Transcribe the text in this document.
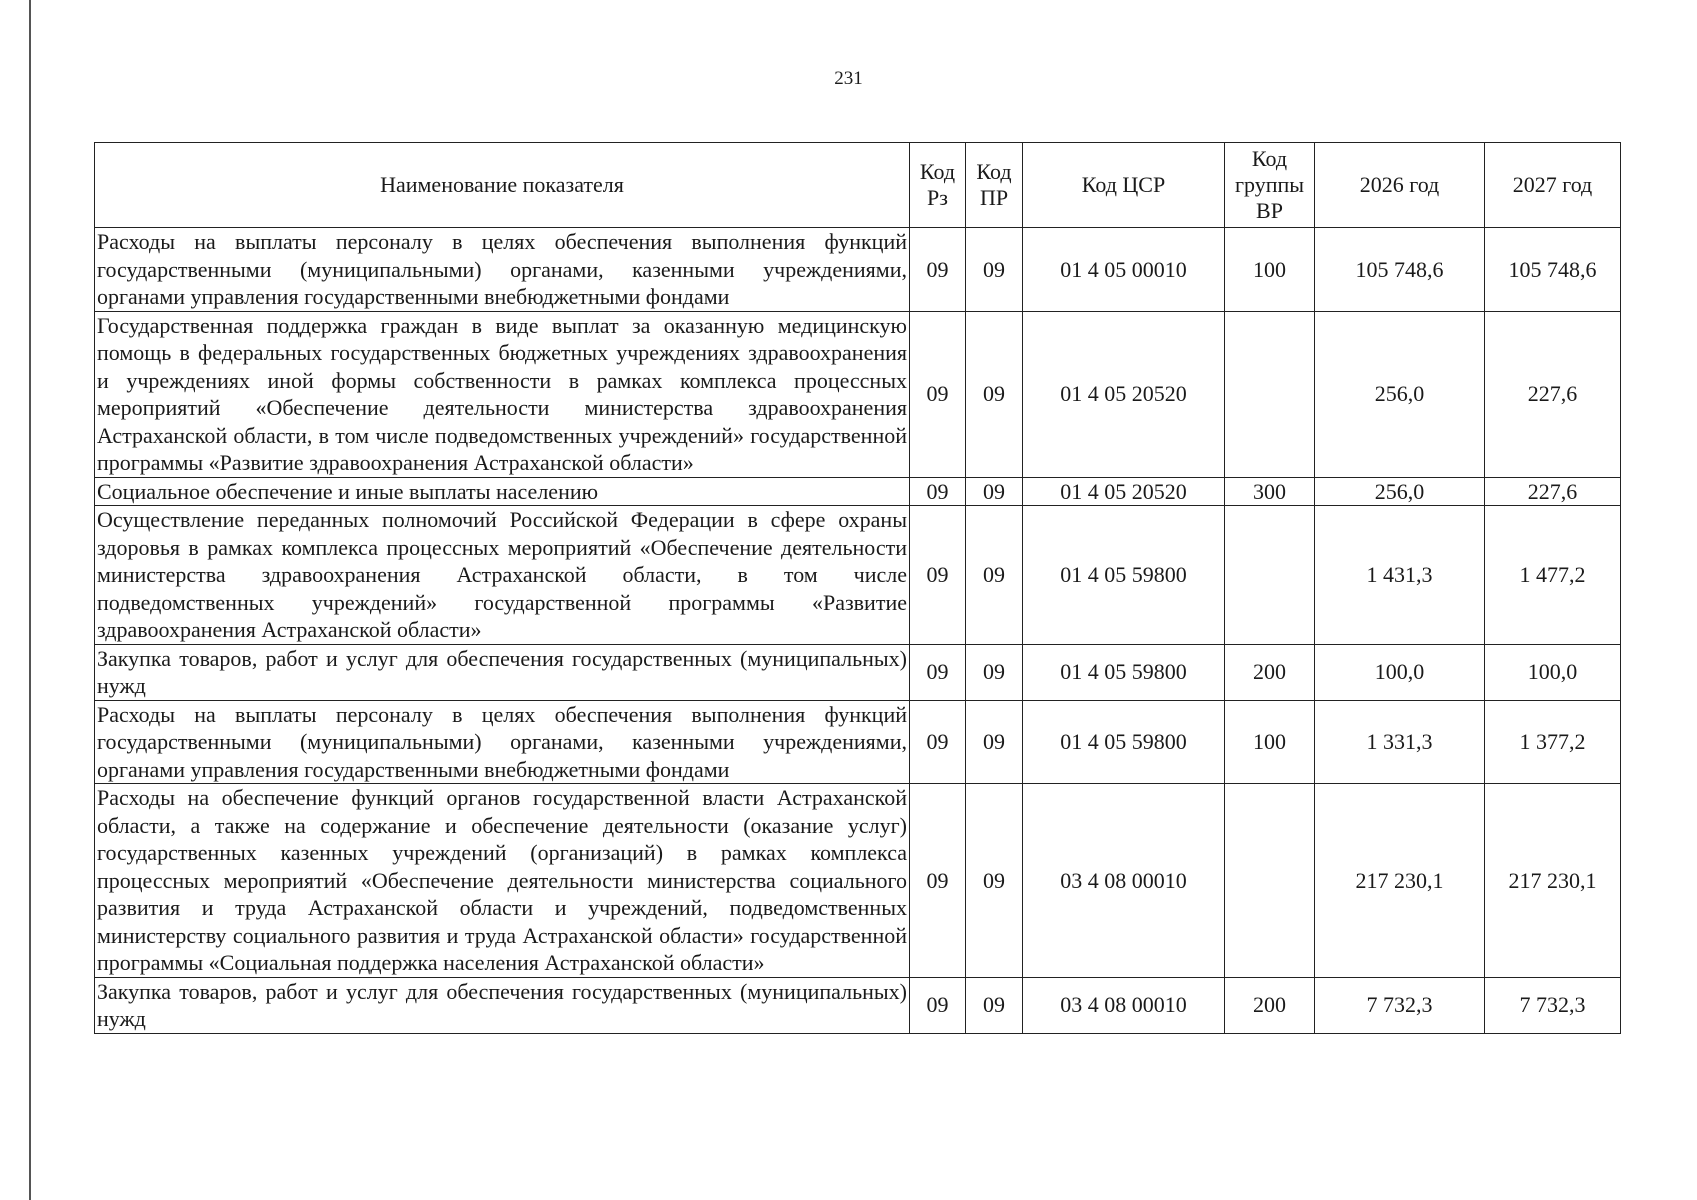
231
Наименование показателя	Код Рз	Код ПР	Код ЦСР	Код группы ВР	2026 год	2027 год
Расходы на выплаты персоналу в целях обеспечения выполнения функций государственными (муниципальными) органами, казенными учреждениями, органами управления государственными внебюджетными фондами	09	09	01 4 05 00010	100	105 748,6	105 748,6
Государственная поддержка граждан в виде выплат за оказанную медицинскую помощь в федеральных государственных бюджетных учреждениях здравоохранения и учреждениях иной формы собственности в рамках комплекса процессных мероприятий «Обеспечение деятельности министерства здравоохранения Астраханской области, в том числе подведомственных учреждений» государственной программы «Развитие здравоохранения Астраханской области»	09	09	01 4 05 20520		256,0	227,6
Социальное обеспечение и иные выплаты населению	09	09	01 4 05 20520	300	256,0	227,6
Осуществление переданных полномочий Российской Федерации в сфере охраны здоровья в рамках комплекса процессных мероприятий «Обеспечение деятельности министерства здравоохранения Астраханской области, в том числе подведомственных учреждений» государственной программы «Развитие здравоохранения Астраханской области»	09	09	01 4 05 59800		1 431,3	1 477,2
Закупка товаров, работ и услуг для обеспечения государственных (муниципальных) нужд	09	09	01 4 05 59800	200	100,0	100,0
Расходы на выплаты персоналу в целях обеспечения выполнения функций государственными (муниципальными) органами, казенными учреждениями, органами управления государственными внебюджетными фондами	09	09	01 4 05 59800	100	1 331,3	1 377,2
Расходы на обеспечение функций органов государственной власти Астраханской области, а также на содержание и обеспечение деятельности (оказание услуг) государственных казенных учреждений (организаций) в рамках комплекса процессных мероприятий «Обеспечение деятельности министерства социального развития и труда Астраханской области и учреждений, подведомственных министерству социального развития и труда Астраханской области» государственной программы «Социальная поддержка населения Астраханской области»	09	09	03 4 08 00010		217 230,1	217 230,1
Закупка товаров, работ и услуг для обеспечения государственных (муниципальных) нужд	09	09	03 4 08 00010	200	7 732,3	7 732,3
